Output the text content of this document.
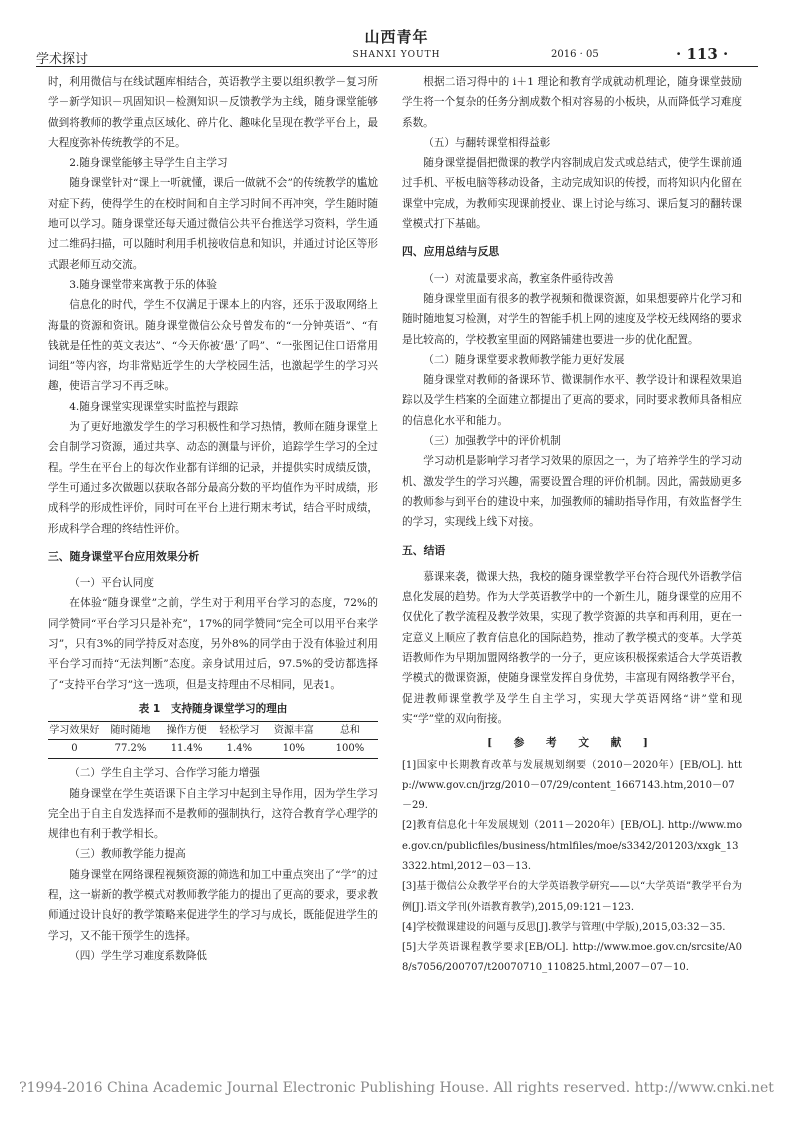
山西青年
学术探讨	SHANXI YOUTH	2016 · 05	· 113 ·

时，利用微信与在线试题库相结合，英语教学主要以组织教学－复习所学－新学知识－巩固知识－检测知识－反馈教学为主线，随身课堂能够做到将教师的教学重点区域化、碎片化、趣味化呈现在教学平台上，最大程度弥补传统教学的不足。

2.随身课堂能够主导学生自主学习

随身课堂针对“课上一听就懂，课后一做就不会”的传统教学的尴尬对症下药，使得学生的在校时间和自主学习时间不再冲突，学生随时随地可以学习。随身课堂还每天通过微信公共平台推送学习资料，学生通过二维码扫描，可以随时利用手机接收信息和知识，并通过讨论区等形式跟老师互动交流。

3.随身课堂带来寓教于乐的体验

信息化的时代，学生不仅满足于课本上的内容，还乐于汲取网络上海量的资源和资讯。随身课堂微信公众号曾发布的“一分钟英语”、“有钱就是任性的英文表达”、“今天你被‘愚’了吗”、“一张图记住口语常用词组”等内容，均非常贴近学生的大学校园生活，也激起学生的学习兴趣，使语言学习不再乏味。

4.随身课堂实现课堂实时监控与跟踪

为了更好地激发学生的学习积极性和学习热情，教师在随身课堂上会自制学习资源，通过共享、动态的测量与评价，追踪学生学习的全过程。学生在平台上的每次作业都有详细的记录，并提供实时成绩反馈，学生可通过多次做题以获取各部分最高分数的平均值作为平时成绩，形成科学的形成性评价，同时可在平台上进行期末考试，结合平时成绩，形成科学合理的终结性评价。

三、随身课堂平台应用效果分析

（一）平台认同度

在体验“随身课堂”之前，学生对于利用平台学习的态度，72%的同学赞同“平台学习只是补充”，17%的同学赞同“完全可以用平台来学习”，只有3%的同学持反对态度，另外8%的同学由于没有体验过利用平台学习而持“无法判断”态度。亲身试用过后，97.5%的受访都选择了“支持平台学习”这一选项，但是支持理由不尽相同，见表1。

表 1　支持随身课堂学习的理由
学习效果好	随时随地	操作方便	轻松学习	资源丰富	总和
0	77.2%	11.4%	1.4%	10%	100%

（二）学生自主学习、合作学习能力增强

随身课堂在学生英语课下自主学习中起到主导作用，因为学生学习完全出于自主自发选择而不是教师的强制执行，这符合教育学心理学的规律也有利于教学相长。

（三）教师教学能力提高

随身课堂在网络课程视频资源的筛选和加工中重点突出了“学”的过程，这一崭新的教学模式对教师教学能力的提出了更高的要求，要求教师通过设计良好的教学策略来促进学生的学习与成长，既能促进学生的学习，又不能干预学生的选择。

（四）学生学习难度系数降低

根据二语习得中的 i＋1 理论和教育学成就动机理论，随身课堂鼓励学生将一个复杂的任务分割成数个相对容易的小板块，从而降低学习难度系数。

（五）与翻转课堂相得益彰

随身课堂提倡把微课的教学内容制成启发式或总结式，使学生课前通过手机、平板电脑等移动设备，主动完成知识的传授，而将知识内化留在课堂中完成，为教师实现课前授业、课上讨论与练习、课后复习的翻转课堂模式打下基础。

四、应用总结与反思

（一）对流量要求高，教室条件亟待改善

随身课堂里面有很多的教学视频和微课资源，如果想要碎片化学习和随时随地复习检测，对学生的智能手机上网的速度及学校无线网络的要求是比较高的，学校教室里面的网路铺建也要进一步的优化配置。

（二）随身课堂要求教师教学能力更好发展

随身课堂对教师的备课环节、微课制作水平、教学设计和课程效果追踪以及学生档案的全面建立都提出了更高的要求，同时要求教师具备相应的信息化水平和能力。

（三）加强教学中的评价机制

学习动机是影响学习者学习效果的原因之一，为了培养学生的学习动机、激发学生的学习兴趣，需要设置合理的评价机制。因此，需鼓励更多的教师参与到平台的建设中来，加强教师的辅助指导作用，有效监督学生的学习，实现线上线下对接。

五、结语

慕课来袭，微课大热，我校的随身课堂教学平台符合现代外语教学信息化发展的趋势。作为大学英语教学中的一个新生儿，随身课堂的应用不仅优化了教学流程及教学效果，实现了教学资源的共享和再利用，更在一定意义上顺应了教育信息化的国际趋势，推动了教学模式的变革。大学英语教师作为早期加盟网络教学的一分子，更应该积极探索适合大学英语教学模式的微课资源，使随身课堂发挥自身优势，丰富现有网络教学平台，促进教师课堂教学及学生自主学习，实现大学英语网络“讲”堂和现实“学”堂的双向衔接。

[ 参 考 文 献 ]

[1]国家中长期教育改革与发展规划纲要（2010－2020年）[EB/OL]. http://www.gov.cn/jrzg/2010－07/29/content_1667143.htm,2010－07－29.

[2]教育信息化十年发展规划（2011－2020年）[EB/OL]. http://www.moe.gov.cn/publicfiles/business/htmlfiles/moe/s3342/201203/xxgk_133322.html,2012－03－13.

[3]基于微信公众教学平台的大学英语教学研究——以“大学英语”教学平台为例[J].语文学刊(外语教育教学),2015,09:121－123.

[4]学校微课建设的问题与反思[J].教学与管理(中学版),2015,03:32－35.

[5]大学英语课程教学要求[EB/OL]. http://www.moe.gov.cn/srcsite/A08/s7056/200707/t20070710_110825.html,2007－07－10.

?1994-2016 China Academic Journal Electronic Publishing House. All rights reserved. http://www.cnki.net
